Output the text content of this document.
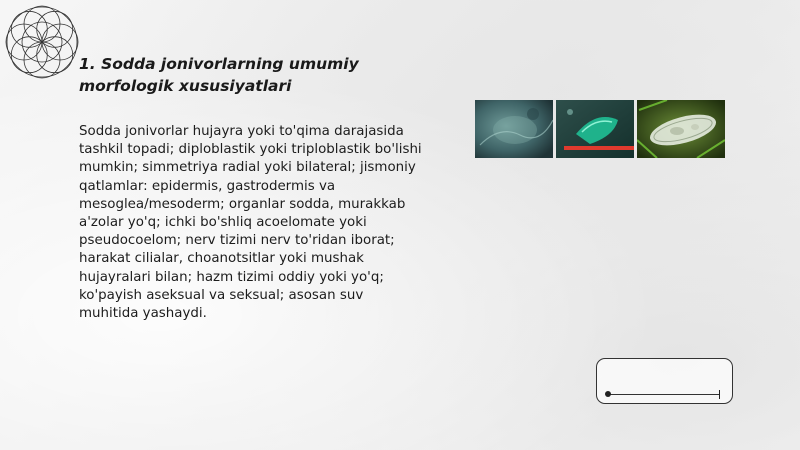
1. Sodda jonivorlarning umumiy morfologik xususiyatlari

Sodda jonivorlar hujayra yoki to'qima darajasida tashkil topadi; diploblastik yoki triploblastik bo'lishi mumkin; simmetriya radial yoki bilateral; jismoniy qatlamlar: epidermis, gastrodermis va mesoglea/mesoderm; organlar sodda, murakkab a'zolar yo'q; ichki bo'shliq acoelomate yoki pseudocoelom; nerv tizimi nerv to'ridan iborat; harakat cilialar, choanotsitlar yoki mushak hujayralari bilan; hazm tizimi oddiy yoki yo'q; ko'payish aseksual va seksual; asosan suv muhitida yashaydi.
